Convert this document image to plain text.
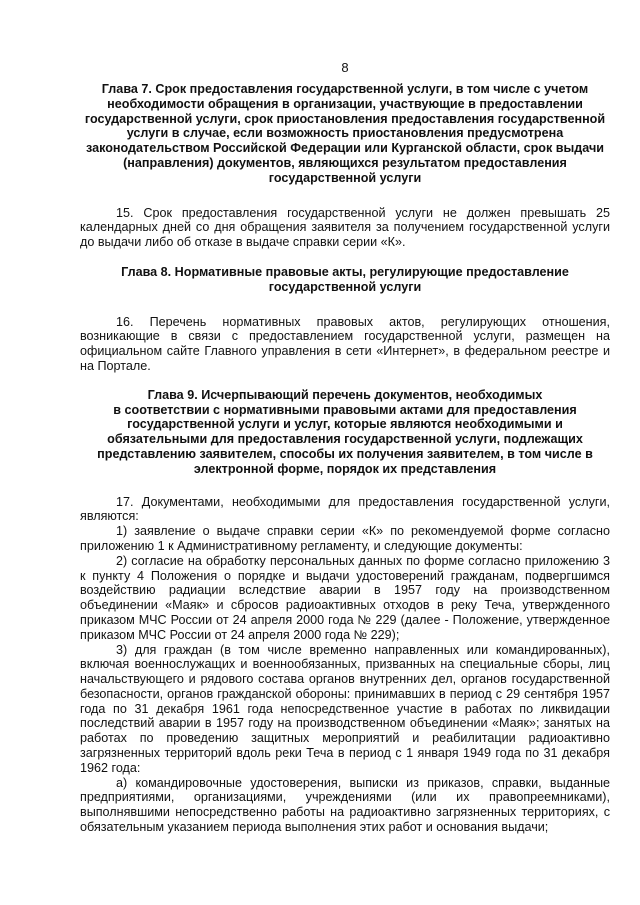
8
Глава 7. Срок предоставления государственной услуги, в том числе с учетом
необходимости обращения в организации, участвующие в предоставлении
государственной услуги, срок приостановления предоставления государственной
услуги в случае, если возможность приостановления предусмотрена
законодательством Российской Федерации или Курганской области, срок выдачи
(направления) документов, являющихся результатом предоставления
государственной услуги

15. Срок предоставления государственной услуги не должен превышать 25 календарных дней со дня обращения заявителя за получением государственной услуги до выдачи либо об отказе в выдаче справки серии «К».

Глава 8. Нормативные правовые акты, регулирующие предоставление
государственной услуги

16. Перечень нормативных правовых актов, регулирующих отношения, возникающие в связи с предоставлением государственной услуги, размещен на официальном сайте Главного управления в сети «Интернет», в федеральном реестре и на Портале.

Глава 9. Исчерпывающий перечень документов, необходимых
в соответствии с нормативными правовыми актами для предоставления
государственной услуги и услуг, которые являются необходимыми и
обязательными для предоставления государственной услуги, подлежащих
представлению заявителем, способы их получения заявителем, в том числе в
электронной форме, порядок их представления

17. Документами, необходимыми для предоставления государственной услуги, являются:

1) заявление о выдаче справки серии «К» по рекомендуемой форме согласно приложению 1 к Административному регламенту, и следующие документы:

2) согласие на обработку персональных данных по форме согласно приложению 3 к пункту 4 Положения о порядке и выдачи удостоверений гражданам, подвергшимся воздействию радиации вследствие аварии в 1957 году на производственном объединении «Маяк» и сбросов радиоактивных отходов в реку Теча, утвержденного приказом МЧС России от 24 апреля 2000 года № 229 (далее - Положение, утвержденное приказом МЧС России от 24 апреля 2000 года № 229);

3) для граждан (в том числе временно направленных или командированных), включая военнослужащих и военнообязанных, призванных на специальные сборы, лиц начальствующего и рядового состава органов внутренних дел, органов государственной безопасности, органов гражданской обороны: принимавших в период с 29 сентября 1957 года по 31 декабря 1961 года непосредственное участие в работах по ликвидации последствий аварии в 1957 году на производственном объединении «Маяк»; занятых на работах по проведению защитных мероприятий и реабилитации радиоактивно загрязненных территорий вдоль реки Теча в период с 1 января 1949 года по 31 декабря 1962 года:

а) командировочные удостоверения, выписки из приказов, справки, выданные предприятиями, организациями, учреждениями (или их правопреемниками), выполнявшими непосредственно работы на радиоактивно загрязненных территориях, с обязательным указанием периода выполнения этих работ и основания выдачи;
